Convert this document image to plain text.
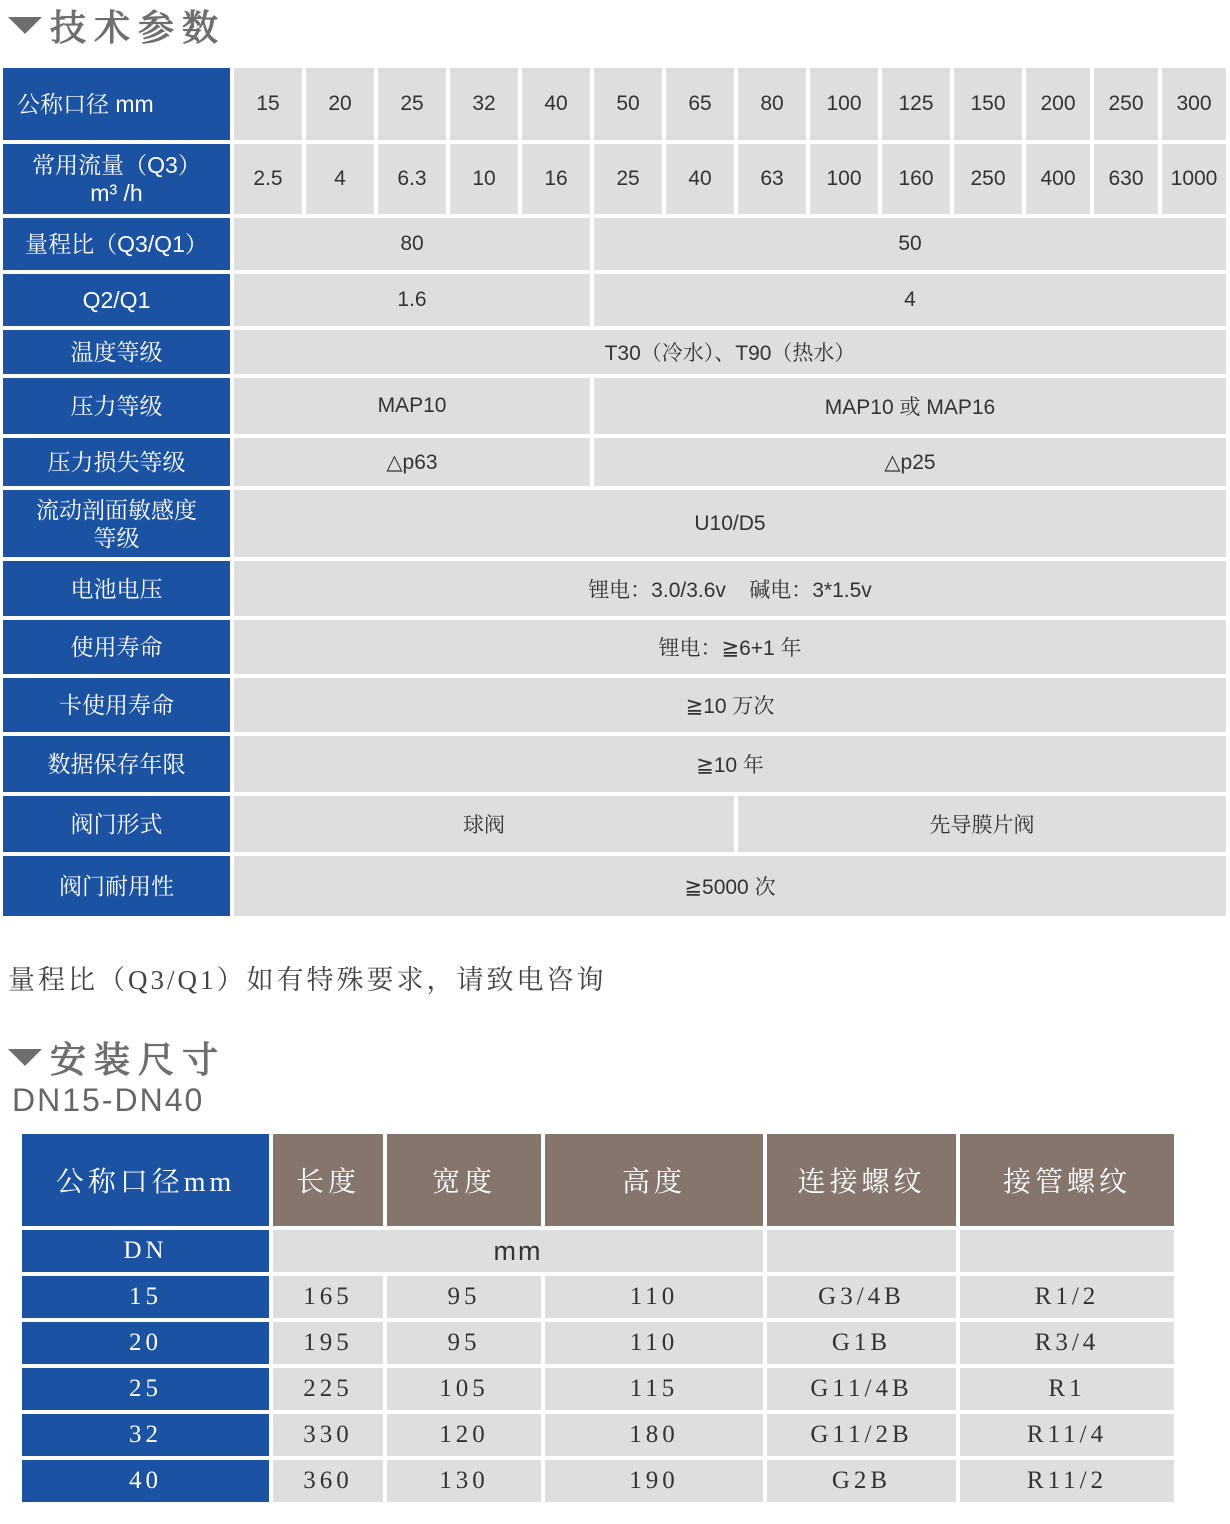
技术参数
公称口径 mm	15	20	25	32	40	50	65	80	100	125	150	200	250	300

常用流量（Q3）
m³ /h	2.5	4	6.3	10	16	25	40	63	100	160	250	400	630	1000
量程比（Q3/Q1）	80					50								
Q2/Q1	1.6					4								
温度等级	T30（冷水）、T90（热水）													
压力等级	MAP10					MAP10 或 MAP16								
压力损失等级	△p63					△p25								

流动剖面敏感度
等级	U10/D5													
电池电压	锂电：3.0/3.6v    碱电：3*1.5v													
使用寿命	锂电：≧6+1 年													
卡使用寿命	≧10 万次													
数据保存年限	≧10 年													
阀门形式	球阀							先导膜片阀						
阀门耐用性	≧5000 次													
量程比（Q3/Q1）如有特殊要求，请致电咨询
安装尺寸
DN15-DN40
公称口径mm	长度	宽度	高度	连接螺纹	接管螺纹
DN	mm				
15	165	95	110	G3/4B	R1/2
20	195	95	110	G1B	R3/4
25	225	105	115	G11/4B	R1
32	330	120	180	G11/2B	R11/4
40	360	130	190	G2B	R11/2
